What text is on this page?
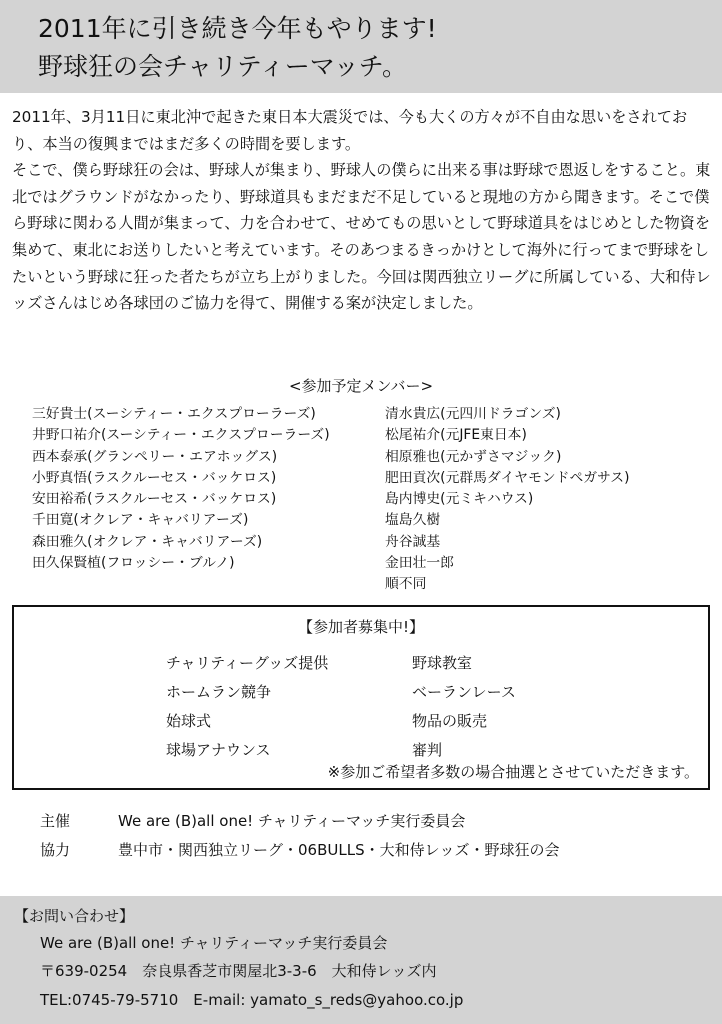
2011年に引き続き今年もやります!
野球狂の会チャリティーマッチ。

2011年、3月11日に東北沖で起きた東日本大震災では、今も大くの方々が不自由な思いをされており、本当の復興まではまだ多くの時間を要します。

そこで、僕ら野球狂の会は、野球人が集まり、野球人の僕らに出来る事は野球で恩返しをすること。東北ではグラウンドがなかったり、野球道具もまだまだ不足していると現地の方から聞きます。そこで僕ら野球に関わる人間が集まって、力を合わせて、せめてもの思いとして野球道具をはじめとした物資を集めて、東北にお送りしたいと考えています。そのあつまるきっかけとして海外に行ってまで野球をしたいという野球に狂った者たちが立ち上がりました。今回は関西独立リーグに所属している、大和侍レッズさんはじめ各球団のご協力を得て、開催する案が決定しました。

<参加予定メンバー>
三好貴士(スーシティー・エクスプローラーズ)
井野口祐介(スーシティー・エクスプローラーズ)
西本泰承(グランペリー・エアホッグス)
小野真悟(ラスクルーセス・バッケロス)
安田裕希(ラスクルーセス・バッケロス)
千田寛(オクレア・キャバリアーズ)
森田雅久(オクレア・キャバリアーズ)
田久保賢植(フロッシー・ブルノ)
清水貴広(元四川ドラゴンズ)
松尾祐介(元JFE東日本)
相原雅也(元かずさマジック)
肥田貢次(元群馬ダイヤモンドペガサス)
島内博史(元ミキハウス)
塩島久樹
舟谷誠基
金田壮一郎
順不同
【参加者募集中!】
チャリティーグッズ提供
ホームラン競争
始球式
球場アナウンス
野球教室
ベーランレース
物品の販売
審判
※参加ご希望者多数の場合抽選とさせていただきます。
主催	We are (B)all one! チャリティーマッチ実行委員会
協力	豊中市・関西独立リーグ・06BULLS・大和侍レッズ・野球狂の会
【お問い合わせ】
We are (B)all one! チャリティーマッチ実行委員会
〒639-0254　奈良県香芝市関屋北3-3-6　大和侍レッズ内
TEL:0745-79-5710　E-mail: yamato_s_reds@yahoo.co.jp
